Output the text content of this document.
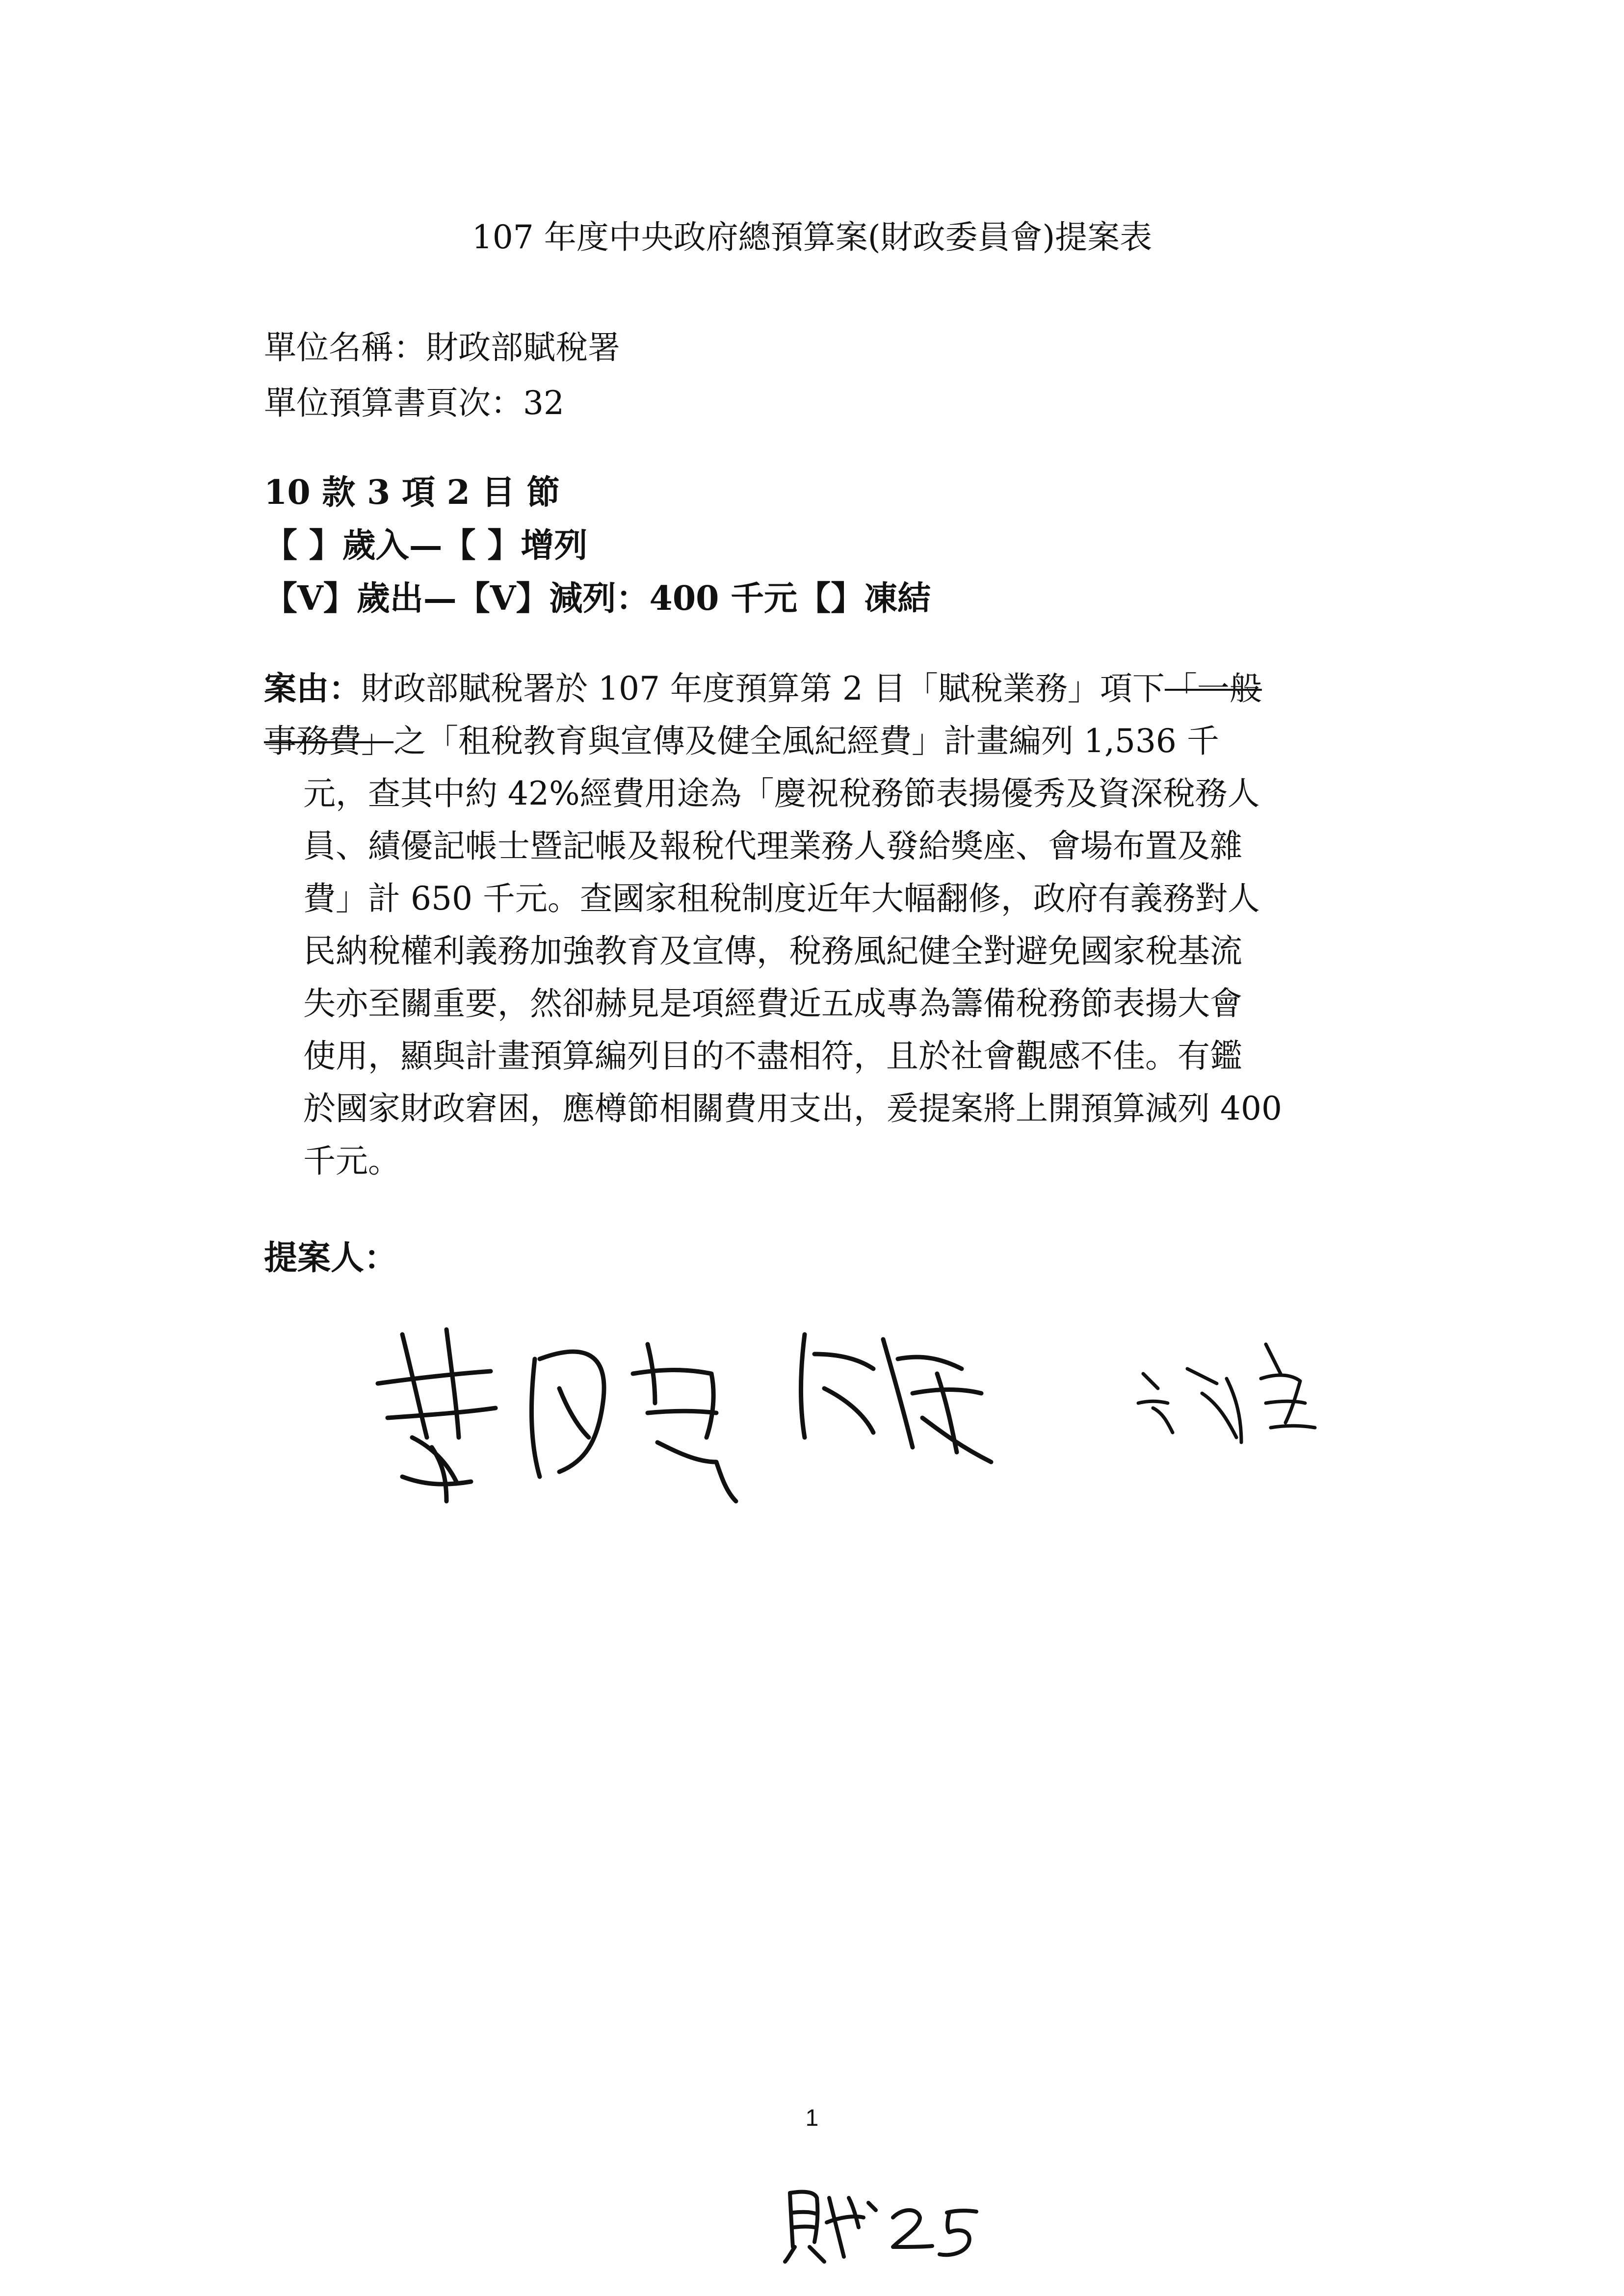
107 年度中央政府總預算案(財政委員會)提案表
單位名稱：財政部賦稅署
單位預算書頁次：32
10 款 3 項 2 目 節
【 】歲入—【 】增列
【V】歲出—【V】減列：400 千元【】凍結
案由：財政部賦稅署於 107 年度預算第 2 目「賦稅業務」項下「一般
事務費」之「租稅教育與宣傳及健全風紀經費」計畫編列 1,536 千
元，查其中約 42%經費用途為「慶祝稅務節表揚優秀及資深稅務人
員、績優記帳士暨記帳及報稅代理業務人發給獎座、會場布置及雜
費」計 650 千元。查國家租稅制度近年大幅翻修，政府有義務對人
民納稅權利義務加強教育及宣傳，稅務風紀健全對避免國家稅基流
失亦至關重要，然卻赫見是項經費近五成專為籌備稅務節表揚大會
使用，顯與計畫預算編列目的不盡相符，且於社會觀感不佳。有鑑
於國家財政窘困，應樽節相關費用支出，爰提案將上開預算減列 400
千元。
提案人：
1
